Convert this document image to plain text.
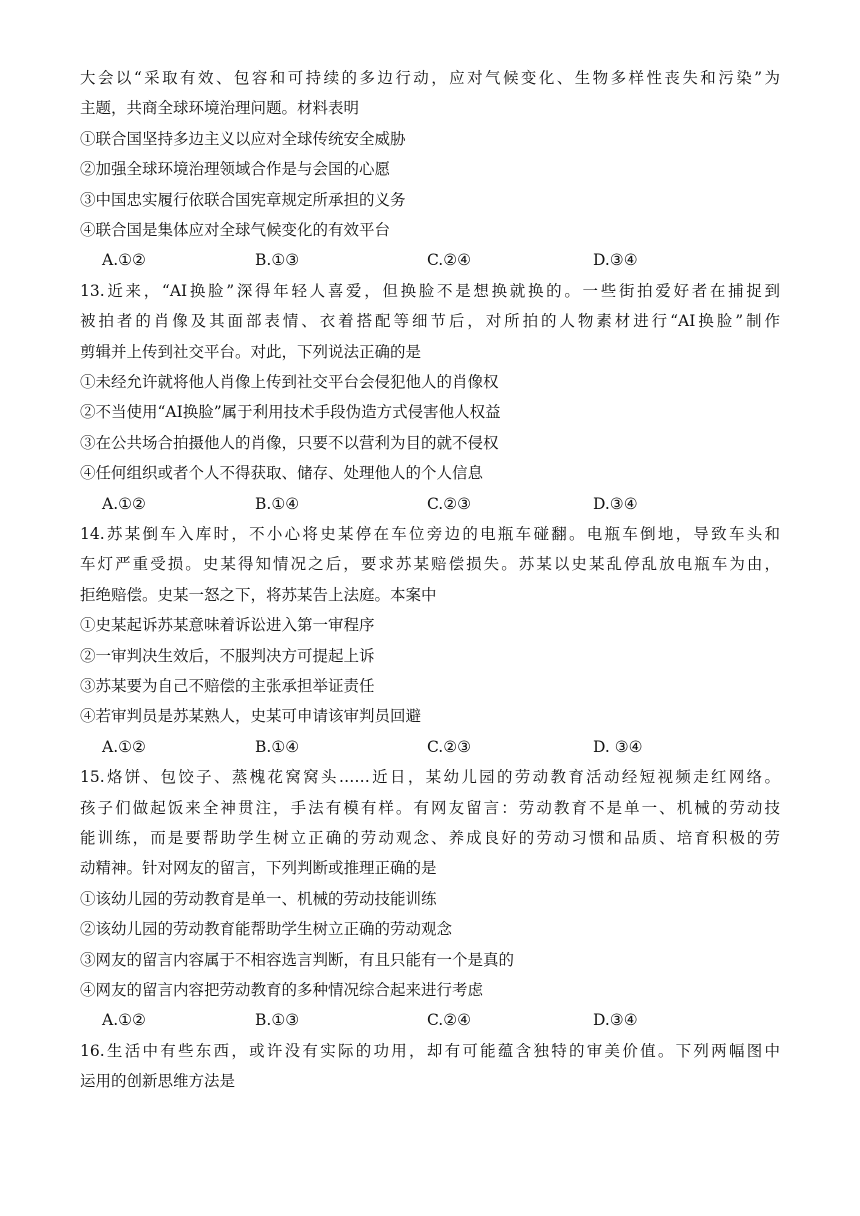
大会以“采取有效、包容和可持续的多边行动，应对气候变化、生物多样性丧失和污染”为
主题，共商全球环境治理问题。材料表明
①联合国坚持多边主义以应对全球传统安全威胁
②加强全球环境治理领域合作是与会国的心愿
③中国忠实履行依联合国宪章规定所承担的义务
④联合国是集体应对全球气候变化的有效平台
A.①②	B.①③	C.②④	D.③④
13.近来，“AI换脸”深得年轻人喜爱，但换脸不是想换就换的。一些街拍爱好者在捕捉到
被拍者的肖像及其面部表情、衣着搭配等细节后，对所拍的人物素材进行“AI换脸”制作
剪辑并上传到社交平台。对此，下列说法正确的是
①未经允许就将他人肖像上传到社交平台会侵犯他人的肖像权
②不当使用“AI换脸”属于利用技术手段伪造方式侵害他人权益
③在公共场合拍摄他人的肖像，只要不以营利为目的就不侵权
④任何组织或者个人不得获取、储存、处理他人的个人信息
A.①②	B.①④	C.②③	D.③④
14.苏某倒车入库时，不小心将史某停在车位旁边的电瓶车碰翻。电瓶车倒地，导致车头和
车灯严重受损。史某得知情况之后，要求苏某赔偿损失。苏某以史某乱停乱放电瓶车为由，
拒绝赔偿。史某一怒之下，将苏某告上法庭。本案中
①史某起诉苏某意味着诉讼进入第一审程序
②一审判决生效后，不服判决方可提起上诉
③苏某要为自己不赔偿的主张承担举证责任
④若审判员是苏某熟人，史某可申请该审判员回避
A.①②	B.①④	C.②③	D. ③④
15.烙饼、包饺子、蒸槐花窝窝头……近日，某幼儿园的劳动教育活动经短视频走红网络。
孩子们做起饭来全神贯注，手法有模有样。有网友留言：劳动教育不是单一、机械的劳动技
能训练，而是要帮助学生树立正确的劳动观念、养成良好的劳动习惯和品质、培育积极的劳
动精神。针对网友的留言，下列判断或推理正确的是
①该幼儿园的劳动教育是单一、机械的劳动技能训练
②该幼儿园的劳动教育能帮助学生树立正确的劳动观念
③网友的留言内容属于不相容选言判断，有且只能有一个是真的
④网友的留言内容把劳动教育的多种情况综合起来进行考虑
A.①②	B.①③	C.②④	D.③④
16.生活中有些东西，或许没有实际的功用，却有可能蕴含独特的审美价值。下列两幅图中
运用的创新思维方法是
